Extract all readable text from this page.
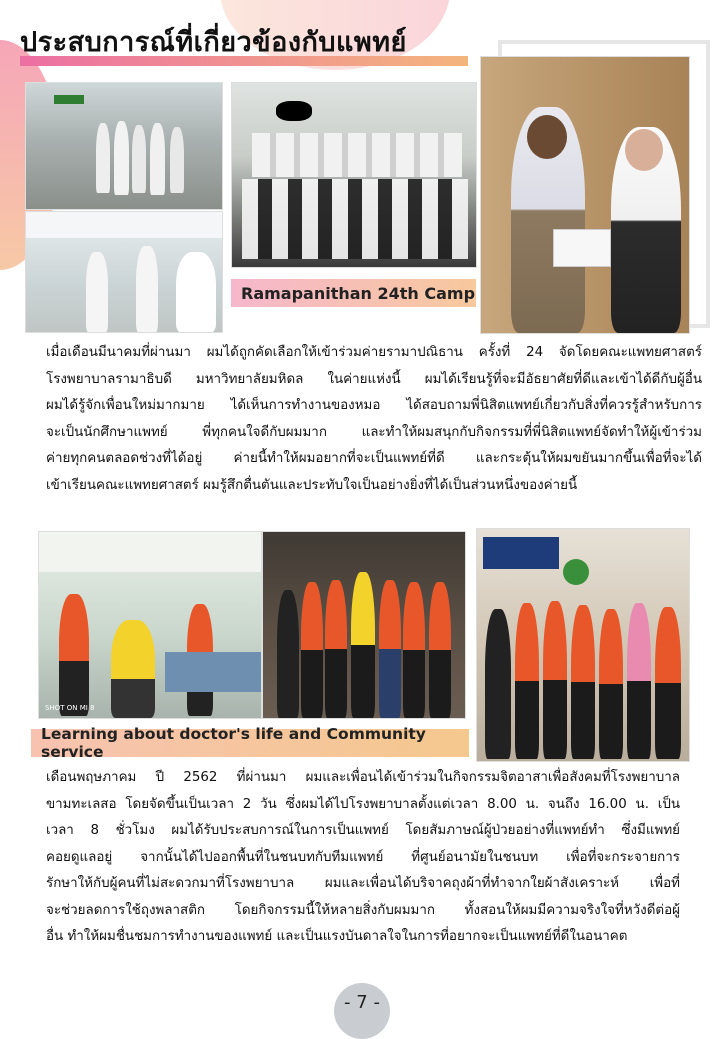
ประสบการณ์ที่เกี่ยวข้องกับแพทย์
Ramapanithan 24th Camp
เมื่อเดือนมีนาคมที่ผ่านมา ผมได้ถูกคัดเลือกให้เข้าร่วมค่ายรามาปณิธาน ครั้งที่ 24 จัดโดยคณะแพทยศาสตร์
โรงพยาบาลรามาธิบดี มหาวิทยาลัยมหิดล ในค่ายแห่งนี้ ผมได้เรียนรู้ที่จะมีอัธยาศัยที่ดีและเข้าได้ดีกับผู้อื่น
ผมได้รู้จักเพื่อนใหม่มากมาย ได้เห็นการทำงานของหมอ ได้สอบถามพี่นิสิตแพทย์เกี่ยวกับสิ่งที่ควรรู้สำหรับการ
จะเป็นนักศึกษาแพทย์ พี่ทุกคนใจดีกับผมมาก และทำให้ผมสนุกกับกิจกรรมที่พี่นิสิตแพทย์จัดทำให้ผู้เข้าร่วม
ค่ายทุกคนตลอดช่วงที่ได้อยู่ ค่ายนี้ทำให้ผมอยากที่จะเป็นแพทย์ที่ดี และกระตุ้นให้ผมขยันมากขึ้นเพื่อที่จะได้
เข้าเรียนคณะแพทยศาสตร์ ผมรู้สึกตื่นตันและประทับใจเป็นอย่างยิ่งที่ได้เป็นส่วนหนึ่งของค่ายนี้
SHOT ON MI 8
Learning about doctor's life and Community service
เดือนพฤษภาคม ปี 2562 ที่ผ่านมา ผมและเพื่อนได้เข้าร่วมในกิจกรรมจิตอาสาเพื่อสังคมที่โรงพยาบาล
ขามทะเลสอ โดยจัดขึ้นเป็นเวลา 2 วัน ซึ่งผมได้ไปโรงพยาบาลตั้งแต่เวลา 8.00 น. จนถึง 16.00 น. เป็น
เวลา 8 ชั่วโมง ผมได้รับประสบการณ์ในการเป็นแพทย์ โดยสัมภาษณ์ผู้ป่วยอย่างที่แพทย์ทำ ซึ่งมีแพทย์
คอยดูแลอยู่ จากนั้นได้ไปออกพื้นที่ในชนบทกับทีมแพทย์ ที่ศูนย์อนามัยในชนบท เพื่อที่จะกระจายการ
รักษาให้กับผู้คนที่ไม่สะดวกมาที่โรงพยาบาล ผมและเพื่อนได้บริจาคถุงผ้าที่ทำจากใยผ้าสังเคราะห์ เพื่อที่
จะช่วยลดการใช้ถุงพลาสติก โดยกิจกรรมนี้ให้หลายสิ่งกับผมมาก ทั้งสอนให้ผมมีความจริงใจที่หวังดีต่อผู้
อื่น ทำให้ผมชื่นชมการทำงานของแพทย์ และเป็นแรงบันดาลใจในการที่อยากจะเป็นแพทย์ที่ดีในอนาคต
- 7 -
